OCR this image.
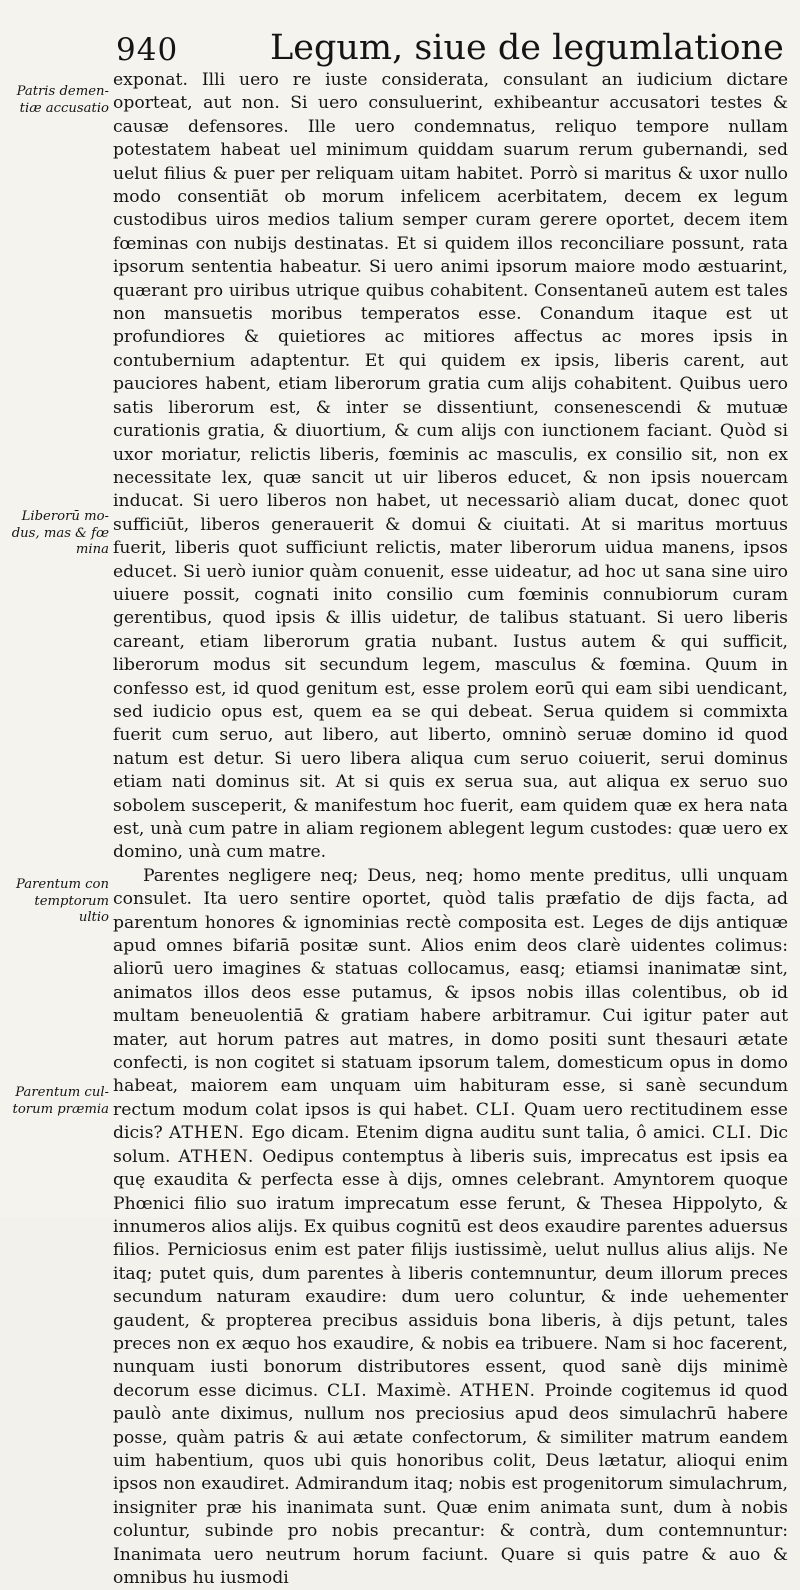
940	Legum, siue de legumlatione
Patris demen-tiæ accusatio
Liberorū mo-dus, mas & fœ mina
Parentum con temptorum ultio
Parentum cul-torum præmia

exponat. Illi uero re iuste considerata, consulant an iudicium dictare oporteat, aut non. Si uero consuluerint, exhibeantur accusatori testes & causæ defensores. Ille uero condemnatus, reliquo tempore nullam potestatem habeat uel minimum quiddam suarum rerum gubernandi, sed uelut filius & puer per reliquam uitam habitet. Porrò si maritus & uxor nullo modo consentiāt ob morum infelicem acerbitatem, decem ex legum custodibus uiros medios talium semper curam gerere oportet, decem item fœminas con nubijs destinatas. Et si quidem illos reconciliare possunt, rata ipsorum sententia habeatur. Si uero animi ipsorum maiore modo æstuarint, quærant pro uiribus utrique quibus cohabitent. Consentaneū autem est tales non mansuetis moribus temperatos esse. Conandum itaque est ut profundiores & quietiores ac mitiores affectus ac mores ipsis in contubernium adaptentur. Et qui quidem ex ipsis, liberis carent, aut pauciores habent, etiam liberorum gratia cum alijs cohabitent. Quibus uero satis liberorum est, & inter se dissentiunt, consenescendi & mutuæ curationis gratia, & diuortium, & cum alijs con iunctionem faciant. Quòd si uxor moriatur, relictis liberis, fœminis ac masculis, ex consilio sit, non ex necessitate lex, quæ sancit ut uir liberos educet, & non ipsis nouercam inducat. Si uero liberos non habet, ut necessariò aliam ducat, donec quot sufficiūt, liberos generauerit & domui & ciuitati. At si maritus mortuus fuerit, liberis quot sufficiunt relictis, mater liberorum uidua manens, ipsos educet. Si uerò iunior quàm conuenit, esse uideatur, ad hoc ut sana sine uiro uiuere possit, cognati inito consilio cum fœminis connubiorum curam gerentibus, quod ipsis & illis uidetur, de talibus statuant. Si uero liberis careant, etiam liberorum gratia nubant. Iustus autem & qui sufficit, liberorum modus sit secundum legem, masculus & fœmina. Quum in confesso est, id quod genitum est, esse prolem eorū qui eam sibi uendicant, sed iudicio opus est, quem ea se qui debeat. Serua quidem si commixta fuerit cum seruo, aut libero, aut liberto, omninò seruæ domino id quod natum est detur. Si uero libera aliqua cum seruo coiuerit, serui dominus etiam nati dominus sit. At si quis ex serua sua, aut aliqua ex seruo suo sobolem susceperit, & manifestum hoc fuerit, eam quidem quæ ex hera nata est, unà cum patre in aliam regionem ablegent legum custodes: quæ uero ex domino, unà cum matre.

Parentes negligere neq; Deus, neq; homo mente preditus, ulli unquam consulet. Ita uero sentire oportet, quòd talis præfatio de dijs facta, ad parentum honores & ignominias rectè composita est. Leges de dijs antiquæ apud omnes bifariā positæ sunt. Alios enim deos clarè uidentes colimus: aliorū uero imagines & statuas collocamus, easq; etiamsi inanimatæ sint, animatos illos deos esse putamus, & ipsos nobis illas colentibus, ob id multam beneuolentiā & gratiam habere arbitramur. Cui igitur pater aut mater, aut horum patres aut matres, in domo positi sunt thesauri ætate confecti, is non cogitet si statuam ipsorum talem, domesticum opus in domo habeat, maiorem eam unquam uim habituram esse, si sanè secundum rectum modum colat ipsos is qui habet. CLI. Quam uero rectitudinem esse dicis? ATHEN. Ego dicam. Etenim digna auditu sunt talia, ô amici. CLI. Dic solum. ATHEN. Oedipus contemptus à liberis suis, imprecatus est ipsis ea quę exaudita & perfecta esse à dijs, omnes celebrant. Amyntorem quoque Phœnici filio suo iratum imprecatum esse ferunt, & Thesea Hippolyto, & innumeros alios alijs. Ex quibus cognitū est deos exaudire parentes aduersus filios. Perniciosus enim est pater filijs iustissimè, uelut nullus alius alijs. Ne itaq; putet quis, dum parentes à liberis contemnuntur, deum illorum preces secundum naturam exaudire: dum uero coluntur, & inde uehementer gaudent, & propterea precibus assiduis bona liberis, à dijs petunt, tales preces non ex æquo hos exaudire, & nobis ea tribuere. Nam si hoc facerent, nunquam iusti bonorum distributores essent, quod sanè dijs minimè decorum esse dicimus. CLI. Maximè. ATHEN. Proinde cogitemus id quod paulò ante diximus, nullum nos preciosius apud deos simulachrū habere posse, quàm patris & aui ætate confectorum, & similiter matrum eandem uim habentium, quos ubi quis honoribus colit, Deus lætatur, alioqui enim ipsos non exaudiret. Admirandum itaq; nobis est progenitorum simulachrum, insigniter præ his inanimata sunt. Quæ enim animata sunt, dum à nobis coluntur, subinde pro nobis precantur: & contrà, dum contemnuntur: Inanimata uero neutrum horum faciunt. Quare si quis patre & auo & omnibus hu iusmodi
